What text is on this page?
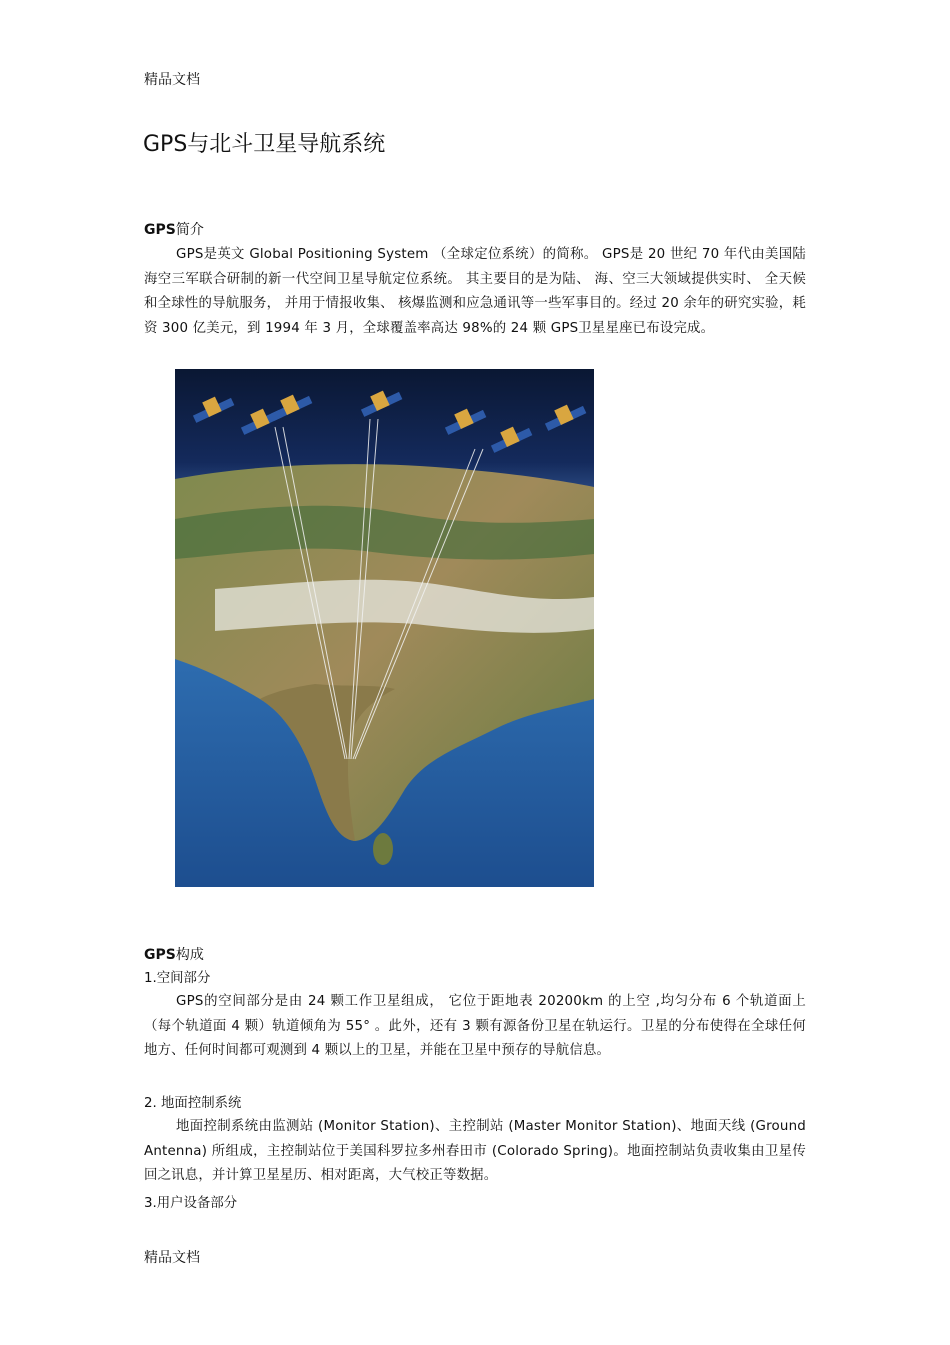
精品文档
GPS与北斗卫星导航系统
GPS简介

GPS是英文 Global Positioning System （全球定位系统）的简称。 GPS是 20 世纪 70 年代由美国陆海空三军联合研制的新一代空间卫星导航定位系统。 其主要目的是为陆、 海、空三大领域提供实时、 全天候和全球性的导航服务， 并用于情报收集、 核爆监测和应急通讯等一些军事目的。经过 20 余年的研究实验，耗资 300 亿美元，到 1994 年 3 月，全球覆盖率高达 98%的 24 颗 GPS卫星星座已布设完成。

GPS构成
1.空间部分

GPS的空间部分是由 24 颗工作卫星组成， 它位于距地表 20200km 的上空 ,均匀分布 6 个轨道面上（每个轨道面 4 颗）轨道倾角为 55° 。此外，还有 3 颗有源备份卫星在轨运行。卫星的分布使得在全球任何地方、任何时间都可观测到 4 颗以上的卫星，并能在卫星中预存的导航信息。

2. 地面控制系统

地面控制系统由监测站 (Monitor Station)、主控制站 (Master Monitor Station)、地面天线 (Ground Antenna) 所组成，主控制站位于美国科罗拉多州春田市 (Colorado Spring)。地面控制站负责收集由卫星传回之讯息，并计算卫星星历、相对距离，大气校正等数据。

3.用户设备部分
精品文档
